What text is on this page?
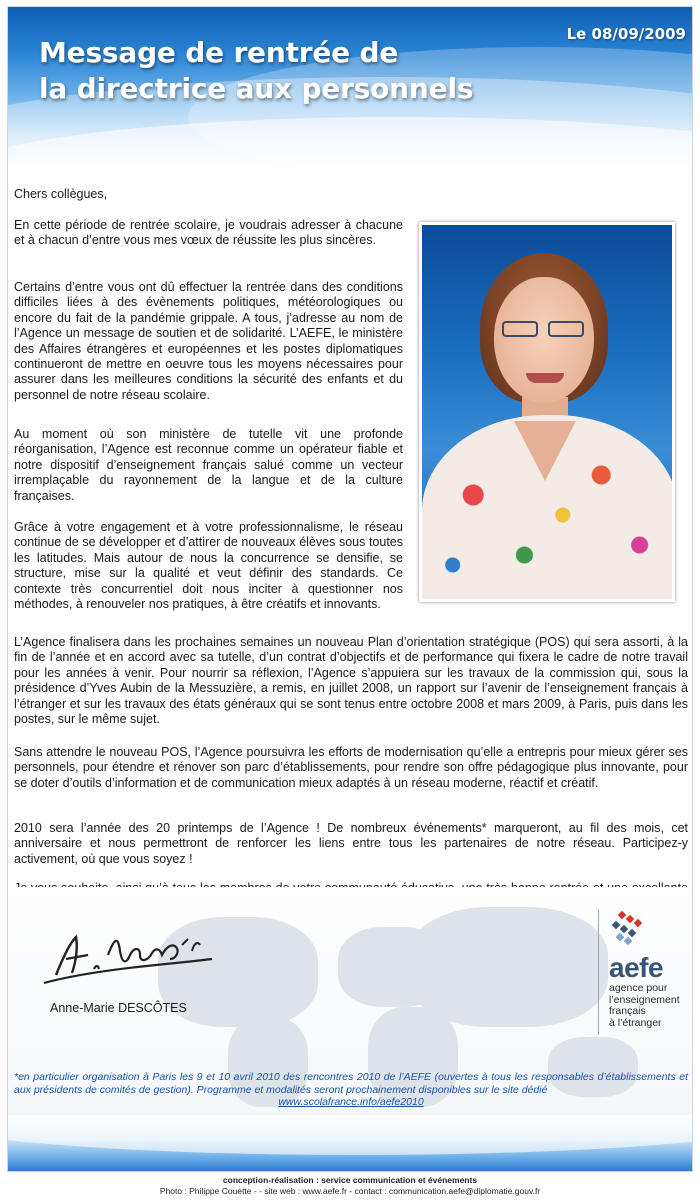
Message de rentrée de
la directrice aux personnels
Le 08/09/2009
Chers collègues,
En cette période de rentrée scolaire, je voudrais adresser à chacune et à chacun d’entre vous mes vœux de réussite les plus sincères.
Certains d’entre vous ont dû effectuer la rentrée dans des conditions difficiles liées à des évènements politiques, météorologiques ou encore du fait de la pandémie grippale. A tous, j’adresse au nom de l’Agence un message de soutien et de solidarité. L’AEFE, le ministère des Affaires étrangères et européennes et les postes diplomatiques continueront de mettre en oeuvre tous les moyens nécessaires pour assurer dans les meilleures conditions la sécurité des enfants et du personnel de notre réseau scolaire.
Au moment où son ministère de tutelle vit une profonde réorganisation, l’Agence est reconnue comme un opérateur fiable et notre dispositif d’enseignement français salué comme un vecteur irremplaçable du rayonnement de la langue et de la culture françaises.
Grâce à votre engagement et à votre professionnalisme, le réseau continue de se développer et d’attirer de nouveaux élèves sous toutes les latitudes. Mais autour de nous la concurrence se densifie, se structure, mise sur la qualité et veut définir des standards. Ce contexte très concurrentiel doit nous inciter à questionner nos méthodes, à renouveler nos pratiques, à être créatifs et innovants.
L’Agence finalisera dans les prochaines semaines un nouveau Plan d’orientation stratégique (POS) qui sera assorti, à la fin de l’année et en accord avec sa tutelle, d’un contrat d’objectifs et de performance qui fixera le cadre de notre travail pour les années à venir. Pour nourrir sa réflexion, l’Agence s’appuiera sur les travaux de la commission qui, sous la présidence d’Yves Aubin de la Messuzière, a remis, en juillet 2008, un rapport sur l’avenir de l’enseignement français à l’étranger et sur les travaux des états généraux qui se sont tenus entre octobre 2008 et mars 2009, à Paris, puis dans les postes, sur le même sujet.
Sans attendre le nouveau POS, l’Agence poursuivra les efforts de modernisation qu’elle a entrepris pour mieux gérer ses personnels, pour étendre et rénover son parc d’établissements, pour rendre son offre pédagogique plus innovante, pour se doter d’outils d’information et de communication mieux adaptés à un réseau moderne, réactif et créatif.
2010 sera l’année des 20 printemps de l’Agence ! De nombreux événements* marqueront, au fil des mois, cet anniversaire et nous permettront de renforcer les liens entre tous les partenaires de notre réseau. Participez-y activement, où que vous soyez !
Anne-Marie DESCÔTES
aefe
agence pour
l’enseignement
français
à l’étranger
*en particulier organisation à Paris les 9 et 10 avril 2010 des rencontres 2010 de l’AEFE (ouvertes à tous les responsables d’établissements et aux présidents de comités de gestion). Programme et modalités seront prochainement disponibles sur le site dédié
www.scolafrance.info/aefe2010
conception-réalisation : service communication et événements
Photo : Philippe Couette - - site web : www.aefe.fr - contact : communication.aefe@diplomatie.gouv.fr
